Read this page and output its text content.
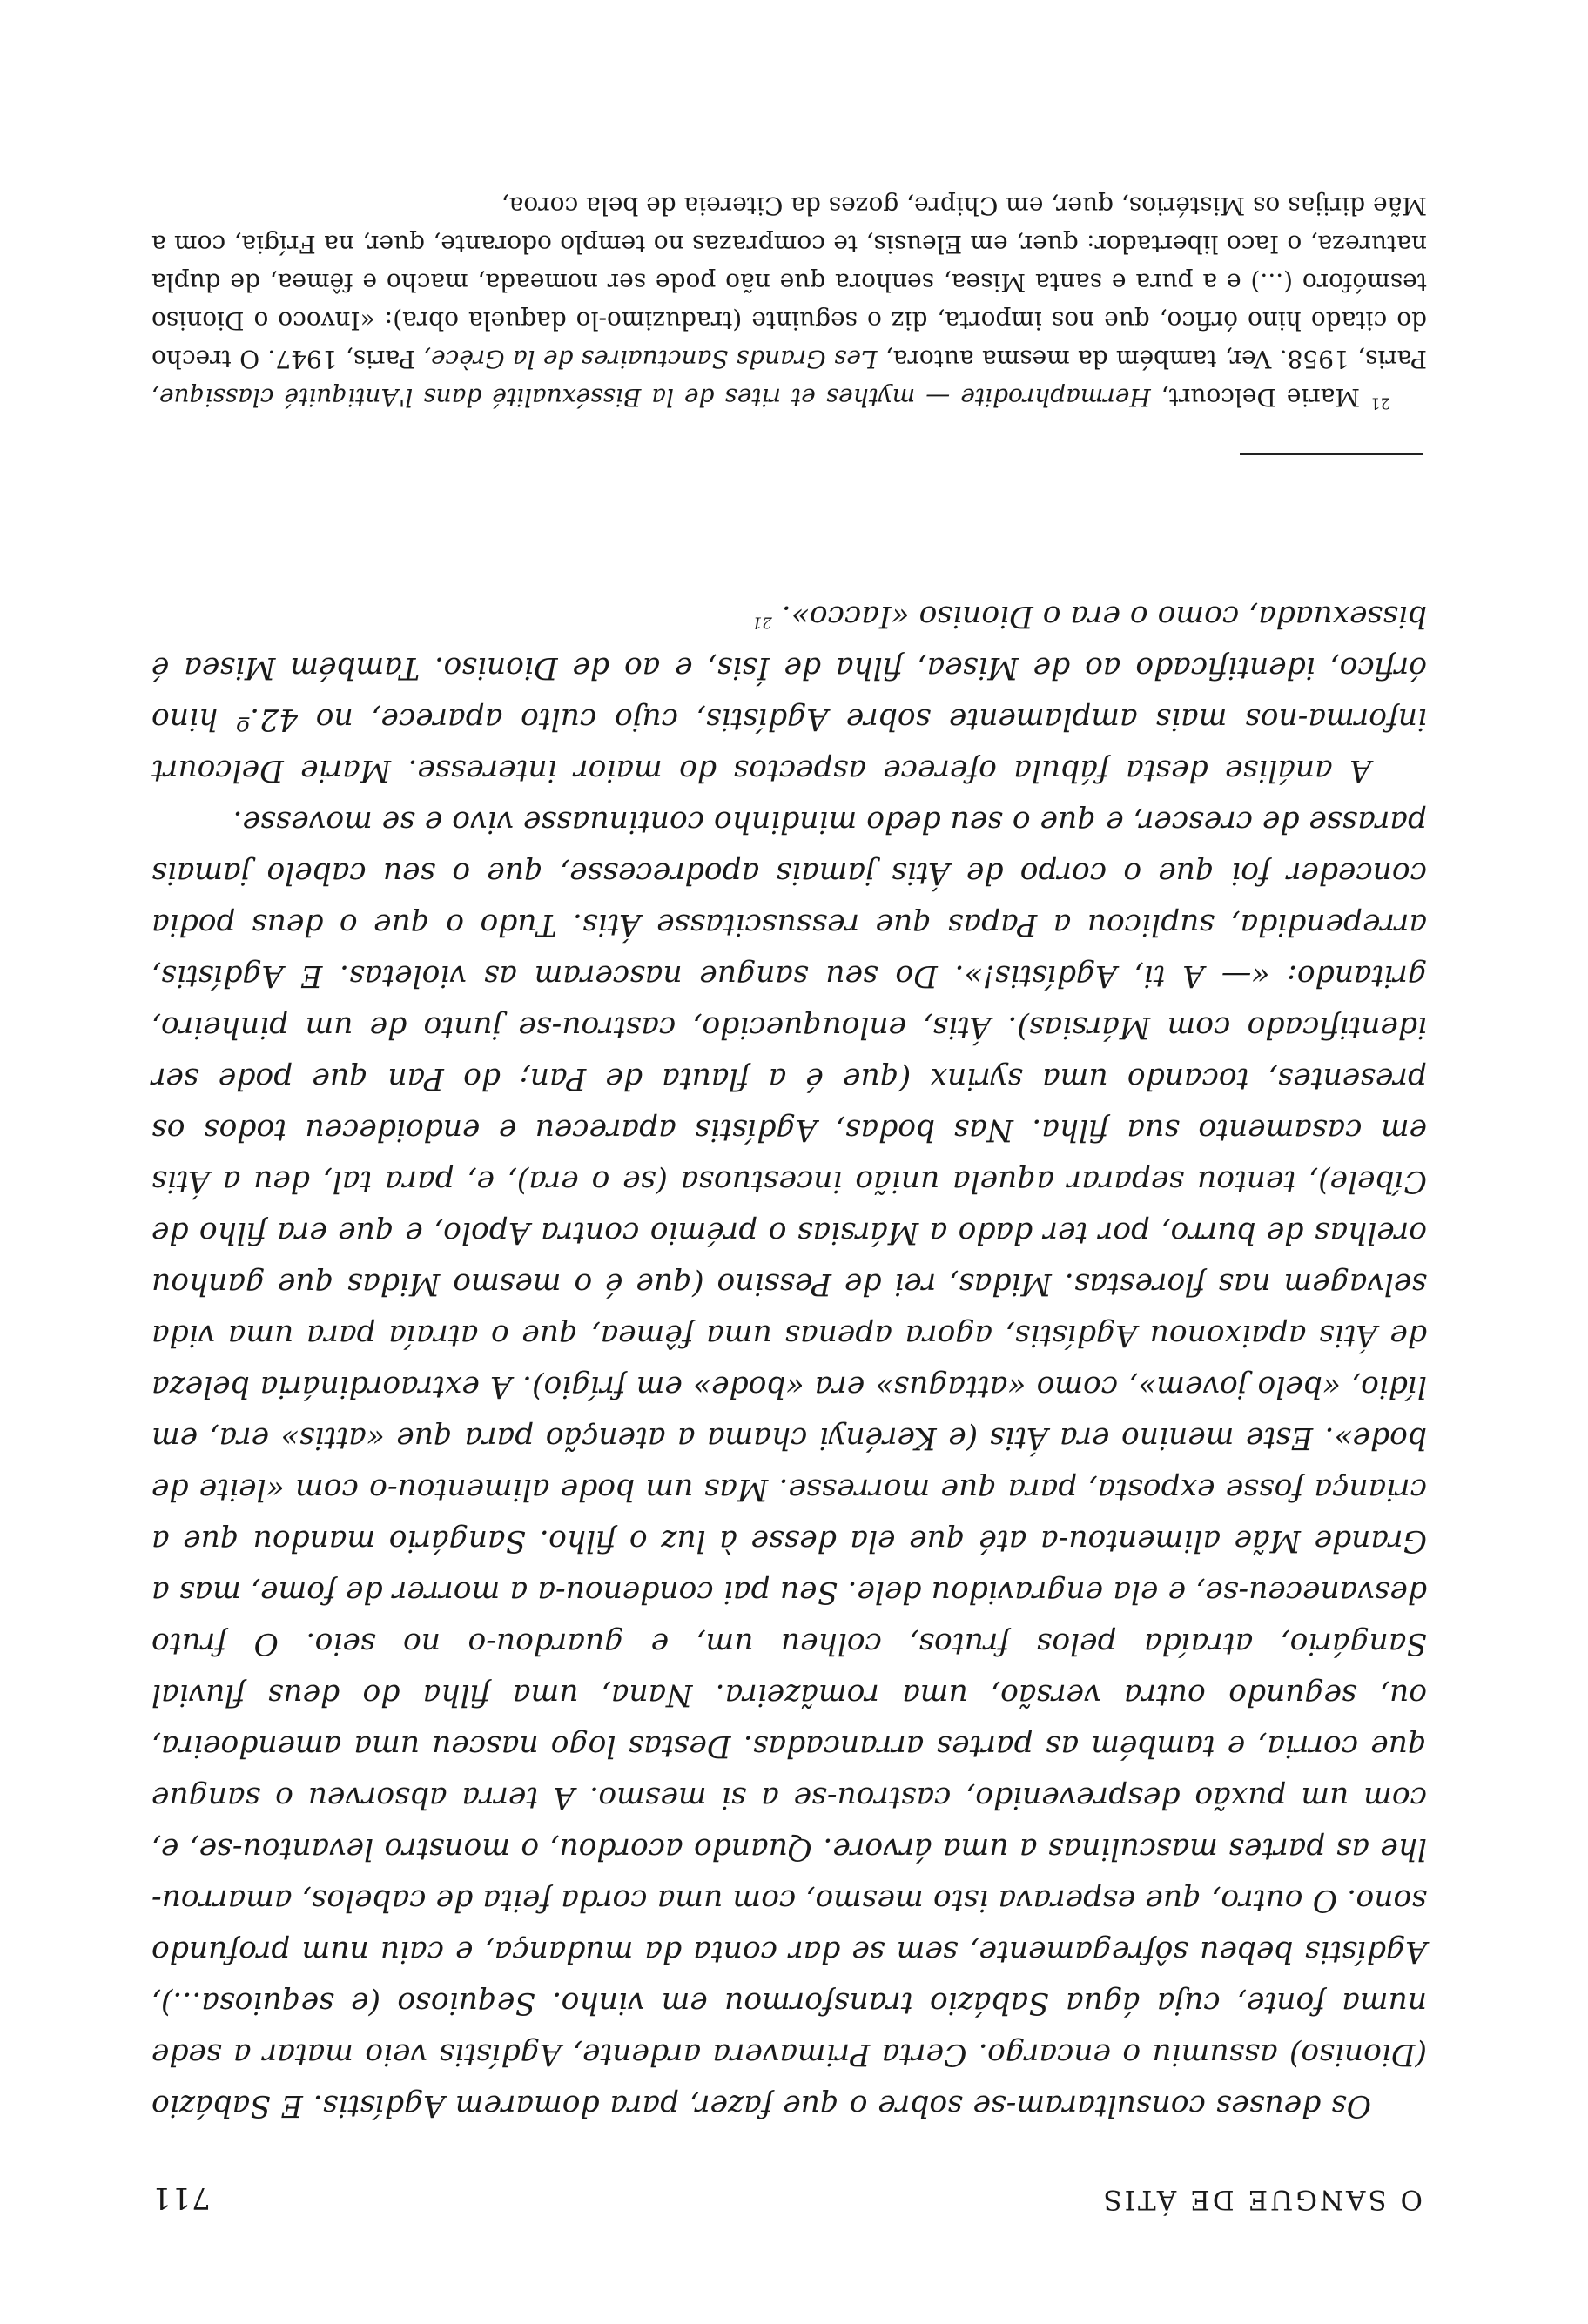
O SANGUE DE ÁTIS
711

Os deuses consultaram-se sobre o que fazer, para domarem Agdístis. E Sabázio (Dioniso) assumiu o encargo. Certa Primavera ardente, Agdístis veio matar a sede numa fonte, cuja água Sabázio transformou em vinho. Sequioso (e sequiosa...), Agdístis bebeu sôfregamente, sem se dar conta da mudança, e caiu num profundo sono. O outro, que esperava isto mesmo, com uma corda feita de cabelos, amarrou-lhe as partes masculinas a uma árvore. Quando acordou, o monstro levantou-se, e, com um puxão desprevenido, castrou-se a si mesmo. A terra absorveu o sangue que corria, e também as partes arrancadas. Destas logo nasceu uma amendoeira, ou, segundo outra versão, uma romãzeira. Nana, uma filha do deus fluvial Sangário, atraída pelos frutos, colheu um, e guardou-o no seio. O fruto desvaneceu-se, e ela engravidou dele. Seu pai condenou-a a morrer de fome, mas a Grande Mãe alimentou-a até que ela desse à luz o filho. Sangário mandou que a criança fosse exposta, para que morresse. Mas um bode alimentou-o com «leite de bode». Este menino era Átis (e Kerényi chama a atenção para que «attis» era, em lídio, «belo jovem», como «attagus» era «bode» em frígio). A extraordinária beleza de Átis apaixonou Agdístis, agora apenas uma fêmea, que o atraía para uma vida selvagem nas florestas. Midas, rei de Pessino (que é o mesmo Midas que ganhou orelhas de burro, por ter dado a Mársias o prémio contra Apolo, e que era filho de Cíbele), tentou separar aquela união incestuosa (se o era), e, para tal, deu a Átis em casamento sua filha. Nas bodas, Agdístis apareceu e endoideceu todos os presentes, tocando uma syrinx (que é a flauta de Pan; do Pan que pode ser identificado com Mársias). Átis, enlouquecido, castrou-se junto de um pinheiro, gritando: «— A ti, Agdístis!». Do seu sangue nasceram as violetas. E Agdístis, arrependida, suplicou a Papas que ressuscitasse Átis. Tudo o que o deus podia conceder foi que o corpo de Átis jamais apodrecesse, que o seu cabelo jamais parasse de crescer, e que o seu dedo mindinho continuasse vivo e se movesse.

A análise desta fábula oferece aspectos do maior interesse. Marie Delcourt informa-nos mais amplamente sobre Agdístis, cujo culto aparece, no 42.º hino órfico, identificado ao de Misea, filha de Ísis, e ao de Dioniso. Também Misea é bissexuada, como o era o Dioniso «Iacco». $^{21}$

$^{21}$ Marie Delcourt, Hermaphrodite — mythes et rites de la Bisséxualité dans l'Antiquité classique, Paris, 1958. Ver, também da mesma autora, Les Grands Sanctuaires de la Grèce, Paris, 1947. O trecho do citado hino órfico, que nos importa, diz o seguinte (traduzimo-lo daquela obra): «Invoco o Dioniso tesmóforo (...) e a pura e santa Misea, senhora que não pode ser nomeada, macho e fêmea, de dupla natureza, o Iaco libertador: quer, em Eleusis, te comprazas no templo odorante, quer, na Frígia, com a Mãe dirijas os Mistérios, quer, em Chipre, gozes da Citereia de bela coroa,
